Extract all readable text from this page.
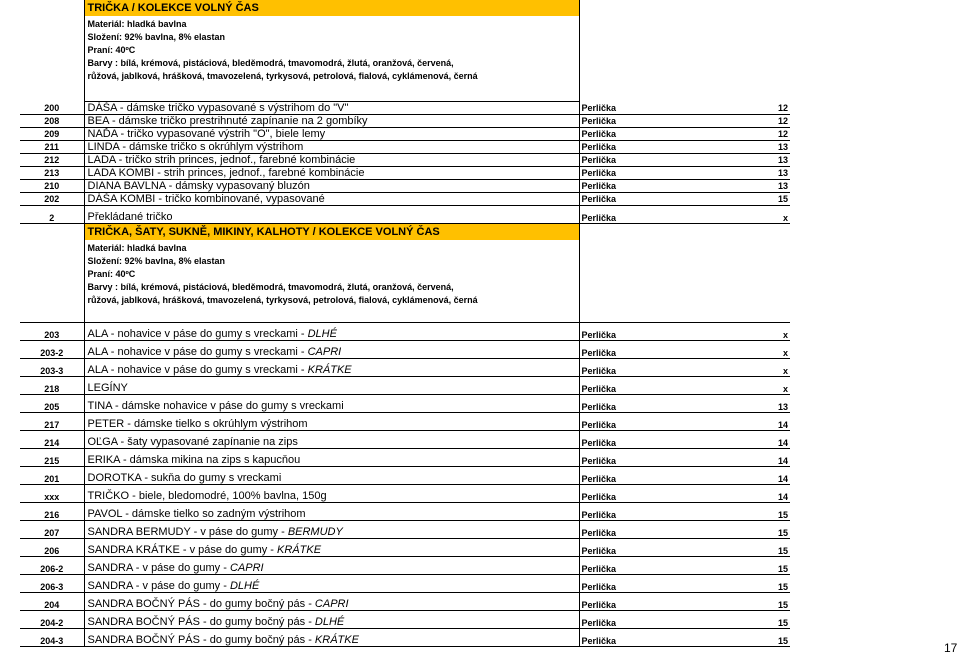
	TRIČKA / KOLEKCE VOLNÝ ČAS
Materiál: hladká bavlna
Složení: 92% bavlna, 8% elastan
Praní: 40ºC
Barvy : bílá, krémová, pistáciová, bleděmodrá, tmavomodrá, žlutá, oranžová, červená, růžová, jablková, hrášková, tmavozelená, tyrkysová, petrolová, fialová, cyklámenová, černá		

200	DÁŠA - dámske tričko vypasované s výstrihom do "V"	Perlička	12
208	BEA - dámske tričko prestrihnuté zapínanie na 2 gombíky	Perlička	12
209	NAĎA - tričko vypasované výstrih "O", biele lemy	Perlička	12
211	LINDA - dámske tričko s okrúhlym výstrihom	Perlička	13
212	LADA - tričko strih princes, jednof., farebné kombinácie	Perlička	13
213	LADA KOMBI - strih princes, jednof., farebné kombinácie	Perlička	13
210	DIANA BAVLNA - dámsky vypasovaný bluzón	Perlička	13
202	DÁŠA KOMBI - tričko kombinované, vypasované	Perlička	15
2	Překládané tričko	Perlička	x

	TRIČKA, ŠATY, SUKNĚ, MIKINY, KALHOTY / KOLEKCE VOLNÝ ČAS
Materiál: hladká bavlna
Složení: 92% bavlna, 8% elastan
Praní: 40ºC
Barvy : bílá, krémová, pistáciová, bleděmodrá, tmavomodrá, žlutá, oranžová, červená, růžová, jablková, hrášková, tmavozelená, tyrkysová, petrolová, fialová, cyklámenová, černá		

203	ALA - nohavice v páse do gumy s vreckami - DLHÉ	Perlička	x
203-2	ALA - nohavice v páse do gumy s vreckami - CAPRI	Perlička	x
203-3	ALA - nohavice v páse do gumy s vreckami - KRÁTKE	Perlička	x
218	LEGÍNY	Perlička	x
205	TINA - dámske nohavice v páse do gumy s vreckami	Perlička	13
217	PETER - dámske tielko s okrúhlym výstrihom	Perlička	14
214	OĽGA - šaty vypasované zapínanie na zips	Perlička	14
215	ERIKA - dámska mikina na zips s kapucňou	Perlička	14
201	DOROTKA - sukňa do gumy s vreckami	Perlička	14
xxx	TRIČKO - biele, bledomodré, 100% bavlna, 150g	Perlička	14
216	PAVOL - dámske tielko so zadným výstrihom	Perlička	15
207	SANDRA BERMUDY - v páse do gumy - BERMUDY	Perlička	15
206	SANDRA KRÁTKE - v páse do gumy - KRÁTKE	Perlička	15
206-2	SANDRA - v páse do gumy - CAPRI	Perlička	15
206-3	SANDRA - v páse do gumy - DLHÉ	Perlička	15
204	SANDRA BOČNÝ PÁS - do gumy bočný pás - CAPRI	Perlička	15
204-2	SANDRA BOČNÝ PÁS - do gumy bočný pás - DLHÉ	Perlička	15
204-3	SANDRA BOČNÝ PÁS - do gumy bočný pás - KRÁTKE	Perlička	15	17
